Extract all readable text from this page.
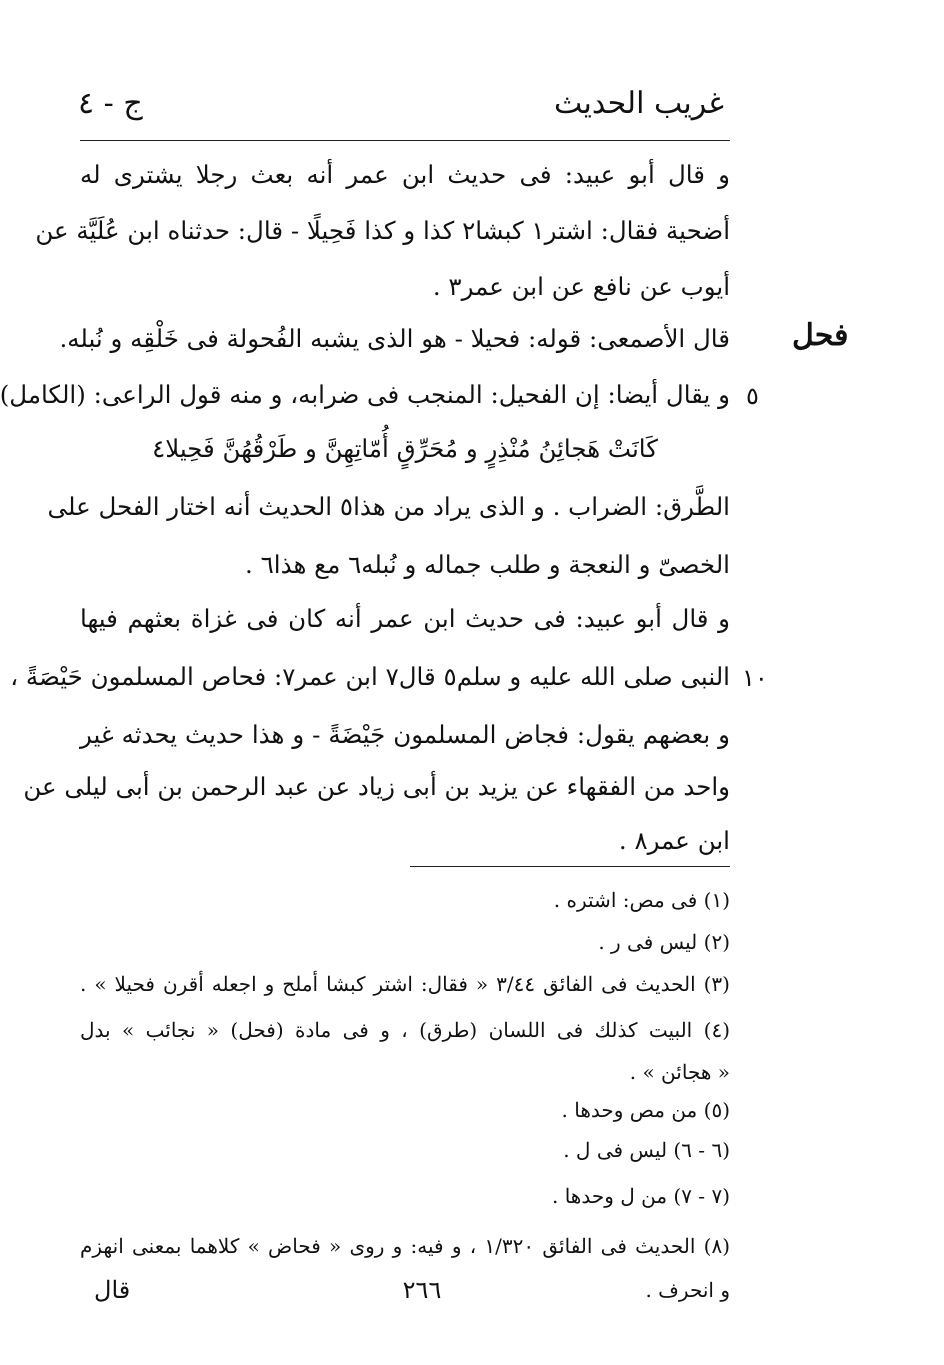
غريب الحديث
ج - ٤
فحل
و قال أبو عبيد: فى حديث ابن عمر أنه بعث رجلا يشترى له
أضحية فقال: اشتر١ كبشا٢ كذا و كذا فَحِيلًا - قال: حدثناه ابن عُلَيَّة عن
أيوب عن نافع عن ابن عمر٣ .
قال الأصمعى: قوله: فحيلا - هو الذى يشبه الفُحولة فى خَلْقِه و نُبله.
و يقال أيضا: إن الفحيل: المنجب فى ضرابه، و منه قول الراعى: (الكامل)
كَانَتْ هَجائِنُ مُنْذِرٍ و مُحَرِّقٍ أُمّاتِهِنَّ و طَرْقُهُنَّ فَحِيلا٤
الطَّرق: الضراب . و الذى يراد من هذا٥ الحديث أنه اختار الفحل على
الخصىّ و النعجة و طلب جماله و نُبله٦ مع هذا٦ .
و قال أبو عبيد: فى حديث ابن عمر أنه كان فى غزاة بعثهم فيها
النبى صلى الله عليه و سلم٥ قال٧ ابن عمر٧: فحاص المسلمون حَيْصَةً ،
و بعضهم يقول: فجاض المسلمون جَيْضَةً - و هذا حديث يحدثه غير
واحد من الفقهاء عن يزيد بن أبى زياد عن عبد الرحمن بن أبى ليلى عن
ابن عمر٨ .
٥
١٠
(١) فى مص: اشتره .
(٢) ليس فى ر .
(٣) الحديث فى الفائق ٣/٤٤ « فقال: اشتر كبشا أملح و اجعله أقرن فحيلا » .
(٤) البيت كذلك فى اللسان (طرق) ، و فى مادة (فحل) « نجائب » بدل
« هجائن » .
(٥) من مص وحدها .
(٦ - ٦) ليس فى ل .
(٧ - ٧) من ل وحدها .
(٨) الحديث فى الفائق ١/٣٢٠ ، و فيه: و روى « فحاض » كلاهما بمعنى انهزم
و انحرف .
٢٦٦
قال
